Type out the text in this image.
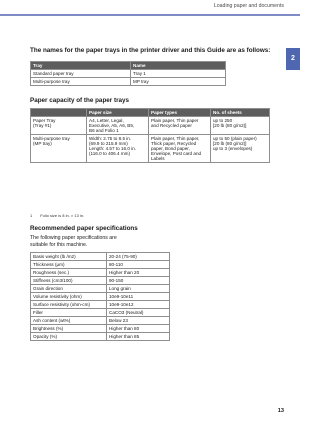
Loading paper and documents
2
The names for the paper trays in the printer driver and this Guide are as follows:
Tray	Name
Standard paper tray	Tray 1
Multi-purpose tray	MP tray
Paper capacity of the paper trays
	Paper size	Paper types	No. of sheets

Paper Tray
(Tray #1)	A4, Letter, Legal,
Executive, A5, A6, B5,
B6 and Folio 1	Plain paper, Thin paper
and Recycled paper	up to 250
[20 lb (80 g/m2)]

Multi-purpose tray
(MP tray)	Width: 2.75 to 8.5 in.
(69.9 to 215.9 mm)
Length: 4.57 to 16.0 in.
(116.0 to 406.4 mm)	Plain paper, Thin paper,
Thick paper, Recycled
paper, Bond paper,
Envelope, Post card and
Labels	up to 50 (plain paper)
[20 lb (80 g/m2)]
up to 3 (envelopes)
1 Folio size is 8 in. × 13 in.
Recommended paper specifications
The following paper specifications are
suitable for this machine.
Basis weight (lb /m2)	20-24 (75-90)
Thickness (μm)	80-110
Roughness (sec.)	Higher than 20
Stiffness (cm3/100)	90-150
Grain direction	Long grain
Volume resistivity (ohm)	10e9-10e11
Surface resistivity (ohm-cm)	10e9-10e12
Filler	CaCO3 (Neutral)
Ash content (wt%)	Below 23
Brightness (%)	Higher than 80
Opacity (%)	Higher than 85
13
